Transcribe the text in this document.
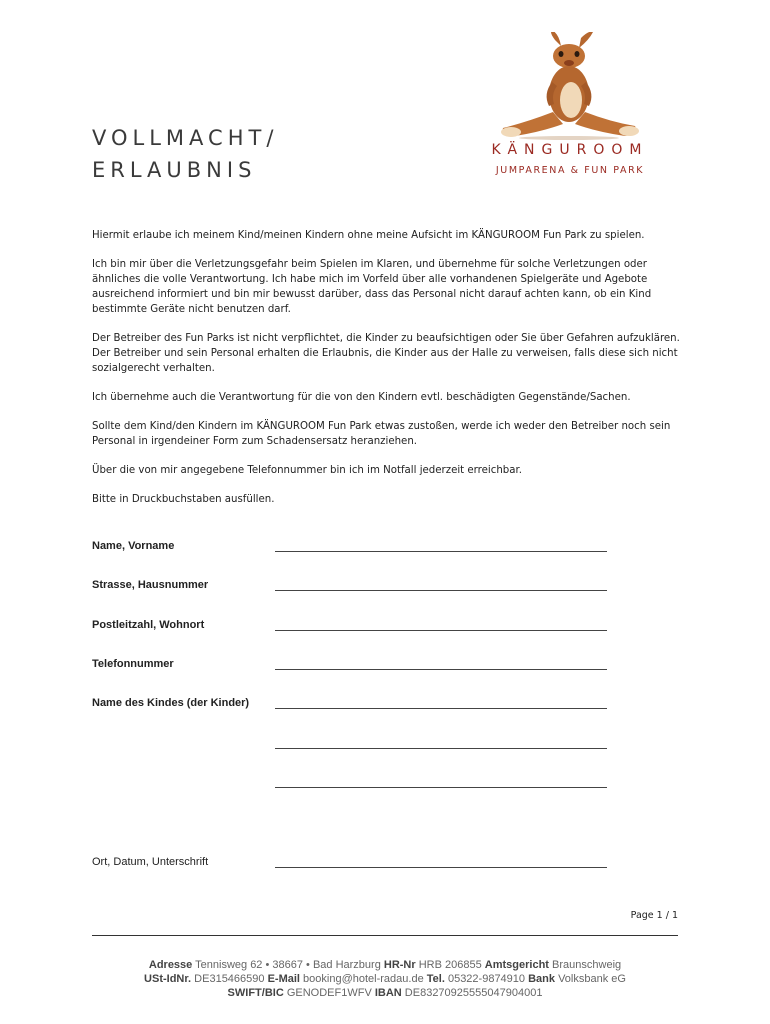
VOLLMACHT/
ERLAUBNIS
KÄNGUROOM
JUMPARENA & FUN PARK

Hiermit erlaube ich meinem Kind/meinen Kindern ohne meine Aufsicht im KÄNGUROOM Fun Park zu spielen.

Ich bin mir über die Verletzungsgefahr beim Spielen im Klaren, und übernehme für solche Verletzungen oder ähnliches die volle Verantwortung. Ich habe mich im Vorfeld über alle vorhandenen Spielgeräte und Agebote ausreichend informiert und bin mir bewusst darüber, dass das Personal nicht darauf achten kann, ob ein Kind bestimmte Geräte nicht benutzen darf.

Der Betreiber des Fun Parks ist nicht verpflichtet, die Kinder zu beaufsichtigen oder Sie über Gefahren aufzuklären. Der Betreiber und sein Personal erhalten die Erlaubnis, die Kinder aus der Halle zu verweisen, falls diese sich nicht sozialgerecht verhalten.

Ich übernehme auch die Verantwortung für die von den Kindern evtl. beschädigten Gegenstände/Sachen.

Sollte dem Kind/den Kindern im KÄNGUROOM Fun Park etwas zustoßen, werde ich weder den Betreiber noch sein Personal in irgendeiner Form zum Schadensersatz heranziehen.

Über die von mir angegebene Telefonnummer bin ich im Notfall jederzeit erreichbar.

Bitte in Druckbuchstaben ausfüllen.

Name, Vorname
Strasse, Hausnummer
Postleitzahl, Wohnort
Telefonnummer
Name des Kindes (der Kinder)
Ort, Datum, Unterschrift
Page 1 / 1
Adresse Tennisweg 62 • 38667 • Bad Harzburg HR-Nr HRB 206855 Amtsgericht Braunschweig
USt-IdNr. DE315466590 E-Mail booking@hotel-radau.de Tel. 05322-9874910 Bank Volksbank eG
SWIFT/BIC GENODEF1WFV IBAN DE83270925555047904001
